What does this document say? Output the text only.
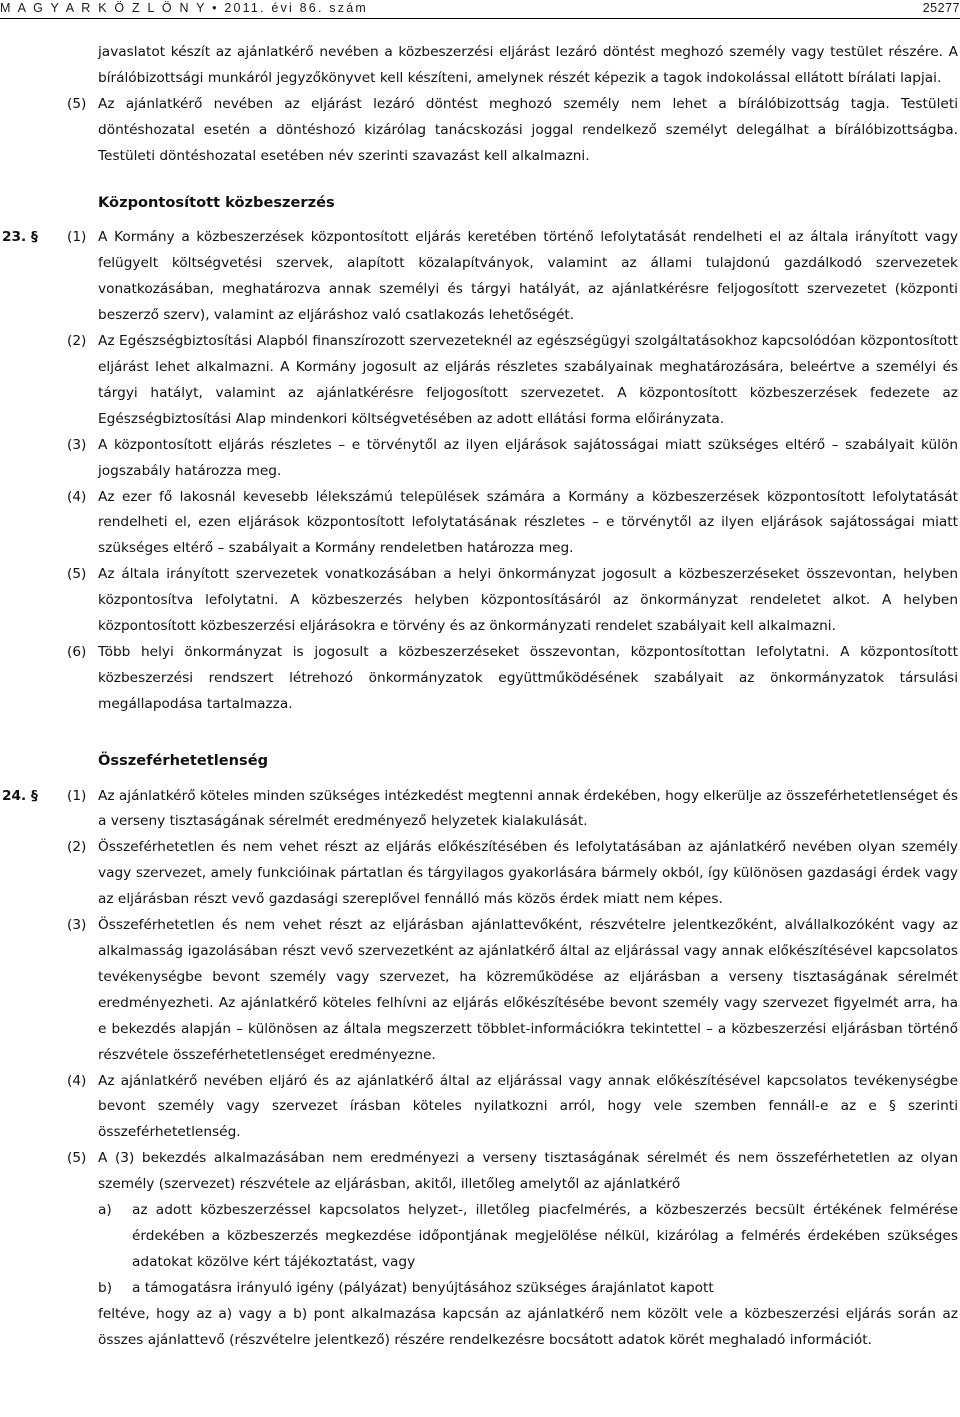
M A G Y A R K Ö Z L Ö N Y • 2011. évi 86. szám	25277

javaslatot készít az ajánlatkérő nevében a közbeszerzési eljárást lezáró döntést meghozó személy vagy testület részére. A bírálóbizottsági munkáról jegyzőkönyvet kell készíteni, amelynek részét képezik a tagok indokolással ellátott bírálati lapjai.

(5) Az ajánlatkérő nevében az eljárást lezáró döntést meghozó személy nem lehet a bírálóbizottság tagja. Testületi döntéshozatal esetén a döntéshozó kizárólag tanácskozási joggal rendelkező személyt delegálhat a bírálóbizottságba. Testületi döntéshozatal esetében név szerinti szavazást kell alkalmazni.

Központosított közbeszerzés

23. § (1) A Kormány a közbeszerzések központosított eljárás keretében történő lefolytatását rendelheti el az általa irányított vagy felügyelt költségvetési szervek, alapított közalapítványok, valamint az állami tulajdonú gazdálkodó szervezetek vonatkozásában, meghatározva annak személyi és tárgyi hatályát, az ajánlatkérésre feljogosított szervezetet (központi beszerző szerv), valamint az eljáráshoz való csatlakozás lehetőségét.

(2) Az Egészségbiztosítási Alapból finanszírozott szervezeteknél az egészségügyi szolgáltatásokhoz kapcsolódóan központosított eljárást lehet alkalmazni. A Kormány jogosult az eljárás részletes szabályainak meghatározására, beleértve a személyi és tárgyi hatályt, valamint az ajánlatkérésre feljogosított szervezetet. A központosított közbeszerzések fedezete az Egészségbiztosítási Alap mindenkori költségvetésében az adott ellátási forma előirányzata.

(3) A központosított eljárás részletes – e törvénytől az ilyen eljárások sajátosságai miatt szükséges eltérő – szabályait külön jogszabály határozza meg.

(4) Az ezer fő lakosnál kevesebb lélekszámú települések számára a Kormány a közbeszerzések központosított lefolytatását rendelheti el, ezen eljárások központosított lefolytatásának részletes – e törvénytől az ilyen eljárások sajátosságai miatt szükséges eltérő – szabályait a Kormány rendeletben határozza meg.

(5) Az általa irányított szervezetek vonatkozásában a helyi önkormányzat jogosult a közbeszerzéseket összevontan, helyben központosítva lefolytatni. A közbeszerzés helyben központosításáról az önkormányzat rendeletet alkot. A helyben központosított közbeszerzési eljárásokra e törvény és az önkormányzati rendelet szabályait kell alkalmazni.

(6) Több helyi önkormányzat is jogosult a közbeszerzéseket összevontan, központosítottan lefolytatni. A központosított közbeszerzési rendszert létrehozó önkormányzatok együttműködésének szabályait az önkormányzatok társulási megállapodása tartalmazza.

Összeférhetetlenség

24. § (1) Az ajánlatkérő köteles minden szükséges intézkedést megtenni annak érdekében, hogy elkerülje az összeférhetetlenséget és a verseny tisztaságának sérelmét eredményező helyzetek kialakulását.

(2) Összeférhetetlen és nem vehet részt az eljárás előkészítésében és lefolytatásában az ajánlatkérő nevében olyan személy vagy szervezet, amely funkcióinak pártatlan és tárgyilagos gyakorlására bármely okból, így különösen gazdasági érdek vagy az eljárásban részt vevő gazdasági szereplővel fennálló más közös érdek miatt nem képes.

(3) Összeférhetetlen és nem vehet részt az eljárásban ajánlattevőként, részvételre jelentkezőként, alvállalkozóként vagy az alkalmasság igazolásában részt vevő szervezetként az ajánlatkérő által az eljárással vagy annak előkészítésével kapcsolatos tevékenységbe bevont személy vagy szervezet, ha közreműködése az eljárásban a verseny tisztaságának sérelmét eredményezheti. Az ajánlatkérő köteles felhívni az eljárás előkészítésébe bevont személy vagy szervezet figyelmét arra, ha e bekezdés alapján – különösen az általa megszerzett többlet-információkra tekintettel – a közbeszerzési eljárásban történő részvétele összeférhetetlenséget eredményezne.

(4) Az ajánlatkérő nevében eljáró és az ajánlatkérő által az eljárással vagy annak előkészítésével kapcsolatos tevékenységbe bevont személy vagy szervezet írásban köteles nyilatkozni arról, hogy vele szemben fennáll-e az e § szerinti összeférhetetlenség.

(5) A (3) bekezdés alkalmazásában nem eredményezi a verseny tisztaságának sérelmét és nem összeférhetetlen az olyan személy (szervezet) részvétele az eljárásban, akitől, illetőleg amelytől az ajánlatkérő

a) az adott közbeszerzéssel kapcsolatos helyzet-, illetőleg piacfelmérés, a közbeszerzés becsült értékének felmérése érdekében a közbeszerzés megkezdése időpontjának megjelölése nélkül, kizárólag a felmérés érdekében szükséges adatokat közölve kért tájékoztatást, vagy

b) a támogatásra irányuló igény (pályázat) benyújtásához szükséges árajánlatot kapott

feltéve, hogy az a) vagy a b) pont alkalmazása kapcsán az ajánlatkérő nem közölt vele a közbeszerzési eljárás során az összes ajánlattevő (részvételre jelentkező) részére rendelkezésre bocsátott adatok körét meghaladó információt.
